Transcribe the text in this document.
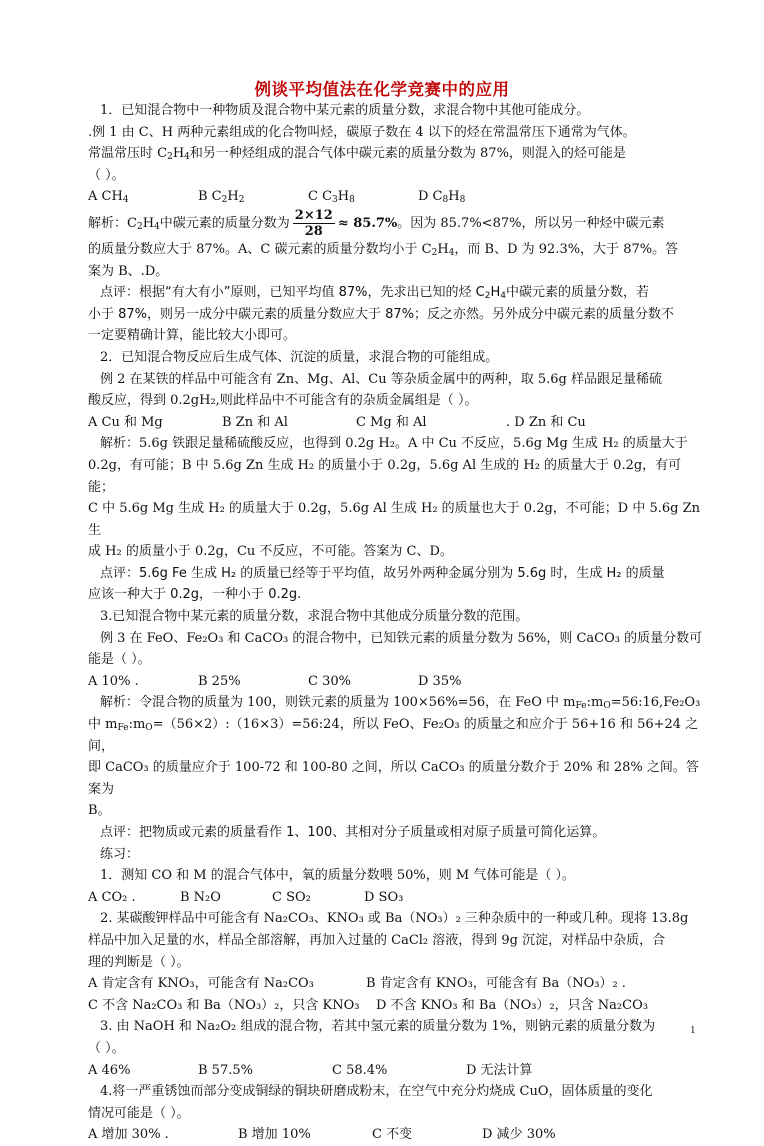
例谈平均值法在化学竞赛中的应用

1．已知混合物中一种物质及混合物中某元素的质量分数，求混合物中其他可能成分。

.例 1 由 C、H 两种元素组成的化合物叫烃，碳原子数在 4 以下的烃在常温常压下通常为气体。

常温常压时 $C_2H_4$和另一种烃组成的混合气体中碳元素的质量分数为 87%，则混入的烃可能是

（ ）。

A $CH_4$	B $C_2H_2$	C $C_3H_8$	D $C_8H_8$

解析：$C_2H_4$中碳元素的质量分数为 $\frac{2\times 12}{28} \approx 85.7\%$。因为 85.7%<87%，所以另一种烃中碳元素

的质量分数应大于 87%。A、C 碳元素的质量分数均小于 $C_2H_4$，而 B、D 为 92.3%，大于 87%。答

案为 B、.D。

点评：根据“有大有小”原则，已知平均值 87%，先求出已知的烃 $C_2H_4$中碳元素的质量分数，若

小于 87%，则另一成分中碳元素的质量分数应大于 87%；反之亦然。另外成分中碳元素的质量分数不

一定要精确计算，能比较大小即可。

2．已知混合物反应后生成气体、沉淀的质量，求混合物的可能组成。

例 2 在某铁的样品中可能含有 Zn、Mg、Al、Cu 等杂质金属中的两种，取 5.6g 样品跟足量稀硫

酸反应，得到 0.2gH₂,则此样品中不可能含有的杂质金属组是（ ）。

A Cu 和 Mg	B Zn 和 Al	C Mg 和 Al	. D Zn 和 Cu

解析：5.6g 铁跟足量稀硫酸反应，也得到 0.2g H₂。A 中 Cu 不反应，5.6g Mg 生成 H₂ 的质量大于

0.2g，有可能；B 中 5.6g Zn 生成 H₂ 的质量小于 0.2g，5.6g Al 生成的 H₂ 的质量大于 0.2g，有可能；

C 中 5.6g Mg 生成 H₂ 的质量大于 0.2g，5.6g Al 生成 H₂ 的质量也大于 0.2g，不可能；D 中 5.6g Zn 生

成 H₂ 的质量小于 0.2g，Cu 不反应，不可能。答案为 C、D。

点评：5.6g Fe 生成 H₂ 的质量已经等于平均值，故另外两种金属分别为 5.6g 时，生成 H₂ 的质量

应该一种大于 0.2g，一种小于 0.2g.

3.已知混合物中某元素的质量分数，求混合物中其他成分质量分数的范围。

例 3 在 FeO、Fe₂O₃ 和 CaCO₃ 的混合物中，已知铁元素的质量分数为 56%，则 CaCO₃ 的质量分数可

能是（ ）。

A 10% .	B 25%	C 30%	D 35%

解析：令混合物的质量为 100，则铁元素的质量为 100×56%=56，在 FeO 中 $m_{Fe}:m_O=56:16,Fe_2O_3$

中 $m_{Fe}:m_O=(56\times 2):(16\times 3)=56:24$，所以 FeO、Fe₂O₃ 的质量之和应介于 56+16 和 56+24 之间，

即 CaCO₃ 的质量应介于 100-72 和 100-80 之间，所以 CaCO₃ 的质量分数介于 20% 和 28% 之间。答案为

B。

点评：把物质或元素的质量看作 1、100、其相对分子质量或相对原子质量可简化运算。

练习：

1．测知 CO 和 M 的混合气体中，氧的质量分数喂 50%，则 M 气体可能是（ ）。

A CO₂ .	B N₂O	C SO₂	D SO₃

2. 某碳酸钾样品中可能含有 Na₂CO₃、KNO₃ 或 Ba（NO₃）₂ 三种杂质中的一种或几种。现将 13.8g

样品中加入足量的水，样品全部溶解，再加入过量的 CaCl₂ 溶液，得到 9g 沉淀，对样品中杂质，合

理的判断是（ ）。

A 肯定含有 KNO₃，可能含有 Na₂CO₃	B 肯定含有 KNO₃，可能含有 Ba（NO₃）₂ .
C 不含 Na₂CO₃ 和 Ba（NO₃）₂，只含 KNO₃	D 不含 KNO₃ 和 Ba（NO₃）₂，只含 Na₂CO₃

3. 由 NaOH 和 Na₂O₂ 组成的混合物，若其中氢元素的质量分数为 1%，则钠元素的质量分数为

（ ）。

A 46%	B 57.5%	C 58.4%	D 无法计算

4.将一严重锈蚀而部分变成铜绿的铜块研磨成粉末，在空气中充分灼烧成 CuO，固体质量的变化

情况可能是（ ）。

A 增加 30% .	B 增加 10%	C 不变	D 减少 30%
1
